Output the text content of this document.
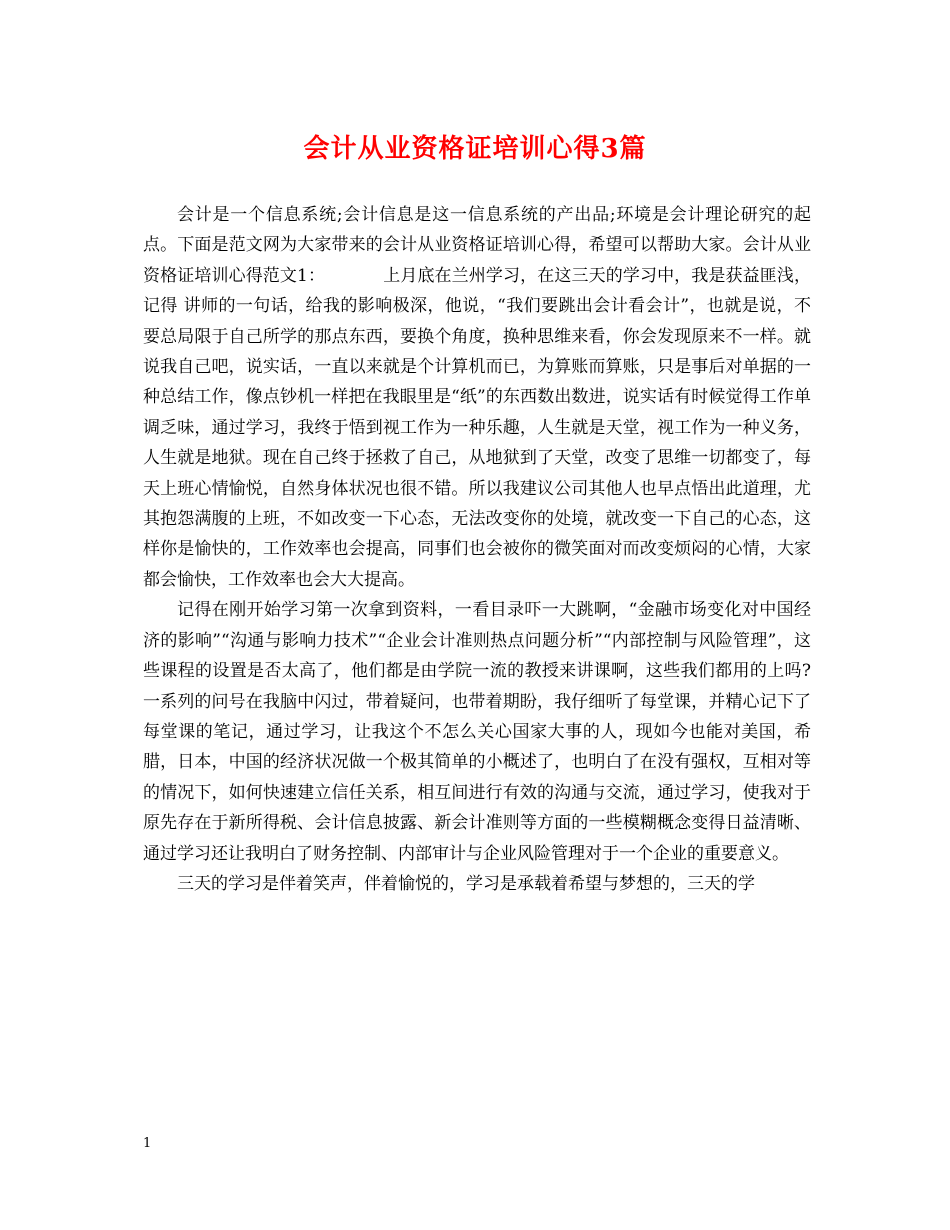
会计从业资格证培训心得3篇

会计是一个信息系统;会计信息是这一信息系统的产出品;环境是会计理论研究的起点。下面是范文网为大家带来的会计从业资格证培训心得，希望可以帮助大家。会计从业资格证培训心得范文1：	上月底在兰州学习，在这三天的学习中，我是获益匪浅，记得 讲师的一句话，给我的影响极深，他说，“我们要跳出会计看会计”，也就是说，不要总局限于自己所学的那点东西，要换个角度，换种思维来看，你会发现原来不一样。就说我自己吧，说实话，一直以来就是个计算机而已，为算账而算账，只是事后对单据的一种总结工作，像点钞机一样把在我眼里是“纸”的东西数出数进，说实话有时候觉得工作单调乏味，通过学习，我终于悟到视工作为一种乐趣，人生就是天堂，视工作为一种义务，人生就是地狱。现在自己终于拯救了自己，从地狱到了天堂，改变了思维一切都变了，每天上班心情愉悦，自然身体状况也很不错。所以我建议公司其他人也早点悟出此道理，尤其抱怨满腹的上班，不如改变一下心态，无法改变你的处境，就改变一下自己的心态，这样你是愉快的，工作效率也会提高，同事们也会被你的微笑面对而改变烦闷的心情，大家都会愉快，工作效率也会大大提高。

记得在刚开始学习第一次拿到资料，一看目录吓一大跳啊，“金融市场变化对中国经济的影响”“沟通与影响力技术”“企业会计准则热点问题分析”“内部控制与风险管理”，这些课程的设置是否太高了，他们都是由学院一流的教授来讲课啊，这些我们都用的上吗?一系列的问号在我脑中闪过，带着疑问，也带着期盼，我仔细听了每堂课，并精心记下了每堂课的笔记，通过学习，让我这个不怎么关心国家大事的人，现如今也能对美国，希腊，日本，中国的经济状况做一个极其简单的小概述了，也明白了在没有强权，互相对等的情况下，如何快速建立信任关系，相互间进行有效的沟通与交流，通过学习，使我对于原先存在于新所得税、会计信息披露、新会计准则等方面的一些模糊概念变得日益清晰、通过学习还让我明白了财务控制、内部审计与企业风险管理对于一个企业的重要意义。

三天的学习是伴着笑声，伴着愉悦的，学习是承载着希望与梦想的，三天的学

1
